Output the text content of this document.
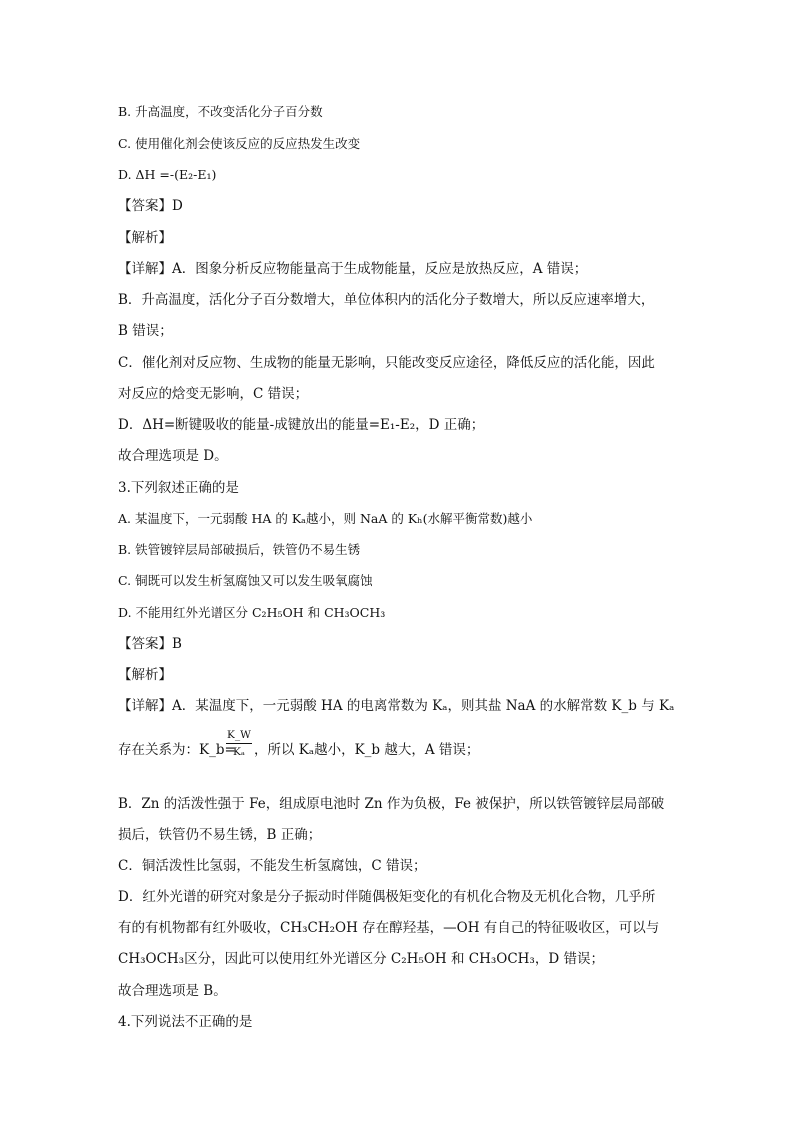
B. 升高温度，不改变活化分子百分数
C. 使用催化剂会使该反应的反应热发生改变
D. ΔH =-(E₂-E₁)
【答案】D
【解析】
【详解】A．图象分析反应物能量高于生成物能量，反应是放热反应，A 错误；
B．升高温度，活化分子百分数增大，单位体积内的活化分子数增大，所以反应速率增大，
B 错误；
C．催化剂对反应物、生成物的能量无影响，只能改变反应途径，降低反应的活化能，因此
对反应的焓变无影响，C 错误；
D．ΔH=断键吸收的能量-成键放出的能量=E₁-E₂，D 正确；
故合理选项是 D。
3.下列叙述正确的是
A. 某温度下，一元弱酸 HA 的 Kₐ越小，则 NaA 的 Kₕ(水解平衡常数)越小
B. 铁管镀锌层局部破损后，铁管仍不易生锈
C. 铜既可以发生析氢腐蚀又可以发生吸氧腐蚀
D. 不能用红外光谱区分 C₂H₅OH 和 CH₃OCH₃
【答案】B
【解析】
【详解】A．某温度下，一元弱酸 HA 的电离常数为 Kₐ，则其盐 NaA 的水解常数 K_b 与 Kₐ
存在关系为：K_b=
K_W
Kₐ ，所以 Kₐ越小，K_b 越大，A 错误；
B．Zn 的活泼性强于 Fe，组成原电池时 Zn 作为负极，Fe 被保护，所以铁管镀锌层局部破
损后，铁管仍不易生锈，B 正确；
C．铜活泼性比氢弱，不能发生析氢腐蚀，C 错误；
D．红外光谱的研究对象是分子振动时伴随偶极矩变化的有机化合物及无机化合物，几乎所
有的有机物都有红外吸收，CH₃CH₂OH 存在醇羟基，—OH 有自己的特征吸收区，可以与
CH₃OCH₃区分，因此可以使用红外光谱区分 C₂H₅OH 和 CH₃OCH₃，D 错误；
故合理选项是 B。
4.下列说法不正确的是
